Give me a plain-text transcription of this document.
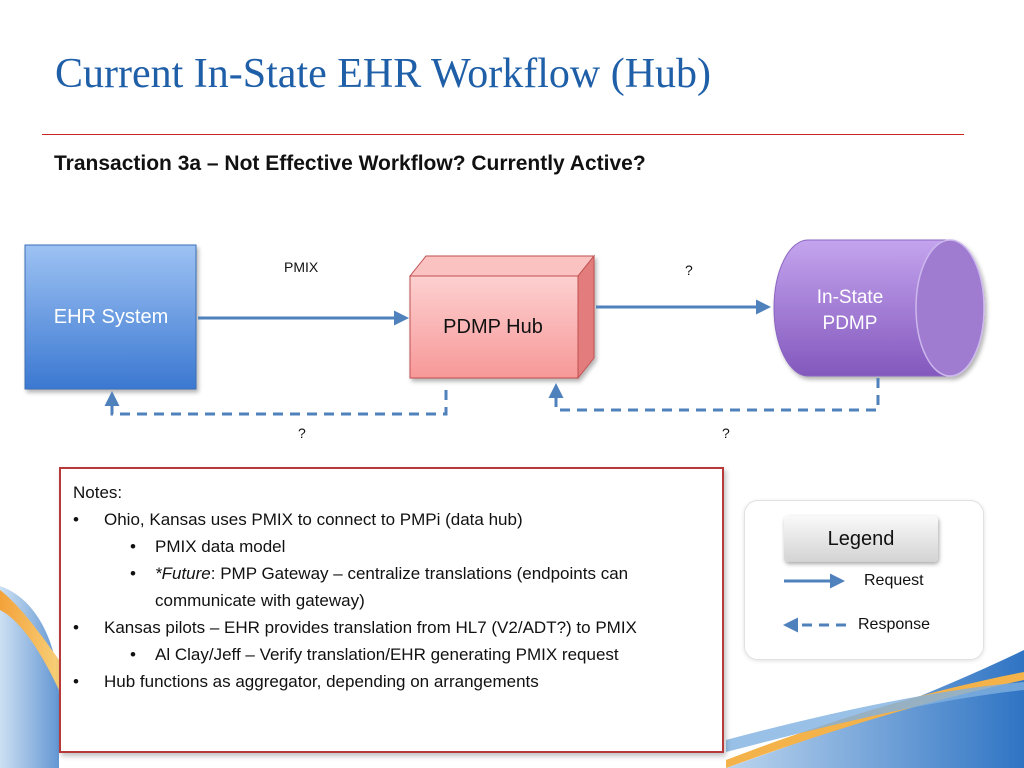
Current In-State EHR Workflow (Hub)
Transaction 3a – Not Effective Workflow? Currently Active?
EHR System	PDMP Hub
In-State
PDMP
PMIX	?
?	?
Notes:
• Ohio, Kansas uses PMIX to connect to PMPi (data hub)
• PMIX data model
• *Future: PMP Gateway – centralize translations (endpoints can communicate with gateway)
• Kansas pilots – EHR provides translation from HL7 (V2/ADT?) to PMIX
• Al Clay/Jeff – Verify translation/EHR generating PMIX request
• Hub functions as aggregator, depending on arrangements
Legend
Request
Response
